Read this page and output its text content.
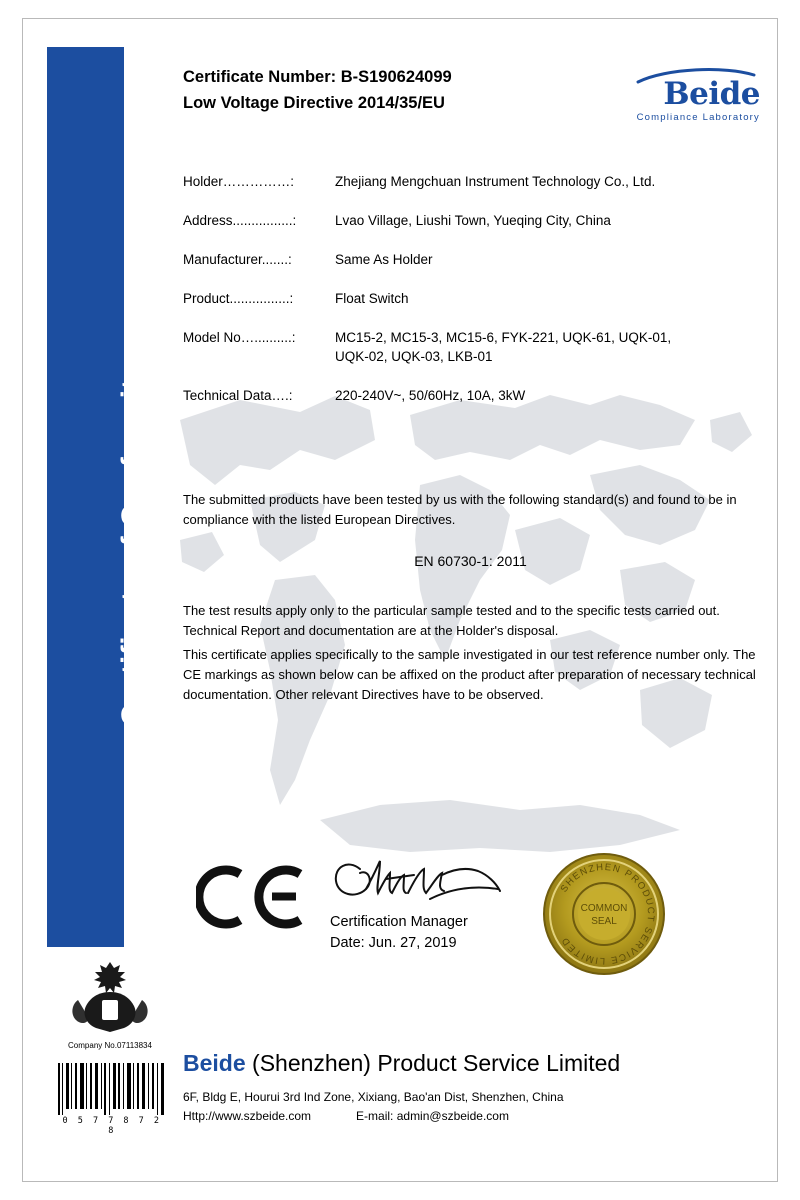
Certificate of Conformity
Certificate Number: B-S190624099
Low Voltage Directive 2014/35/EU	Beide
Compliance Laboratory
Holder……………:	Zhejiang Mengchuan Instrument Technology Co., Ltd.
Address................:	Lvao Village, Liushi Town, Yueqing City, China
Manufacturer.......:	Same As Holder
Product................:	Float Switch
Model No…..........:	MC15-2, MC15-3, MC15-6, FYK-221, UQK-61, UQK-01,
UQK-02, UQK-03, LKB-01
Technical Data….:	220-240V~, 50/60Hz, 10A, 3kW
The submitted products have been tested by us with the following standard(s) and found to be in compliance with the listed European Directives.
EN 60730-1: 2011
The test results apply only to the particular sample tested and to the specific tests carried out. Technical Report and documentation are at the Holder's disposal.
This certificate applies specifically to the sample investigated in our test reference number only. The CE markings as shown below can be affixed on the product after preparation of necessary technical documentation. Other relevant Directives have to be observed.
Certification Manager
Date: Jun. 27, 2019
SHENZHEN PRODUCT SERVICE LIMITED
COMMON
SEAL
Company No.07113834
0 5 7 7 8 7 2 8
Beide (Shenzhen) Product Service Limited
6F, Bldg E, Hourui 3rd Ind Zone, Xixiang, Bao'an Dist, Shenzhen, China
Http://www.szbeide.com	E-mail: admin@szbeide.com
